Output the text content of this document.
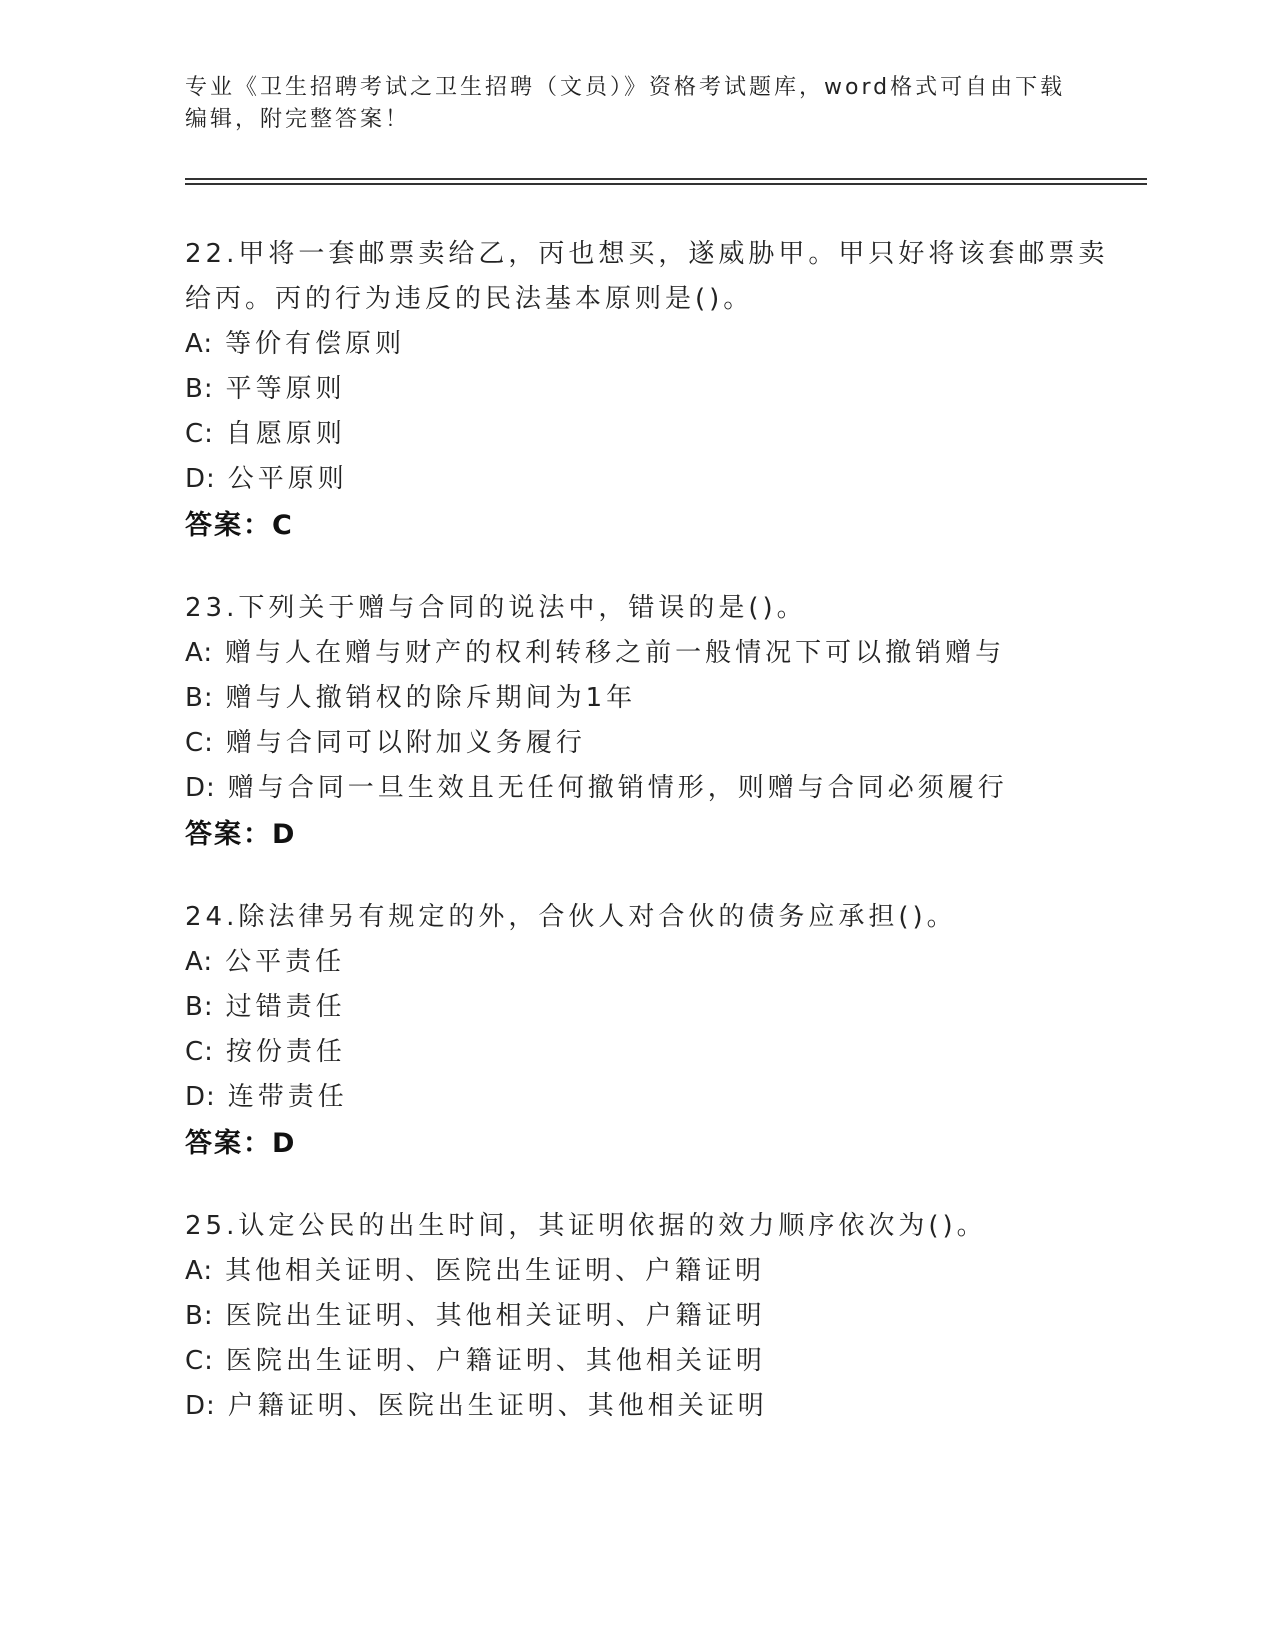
专业《卫生招聘考试之卫生招聘（文员）》资格考试题库，word格式可自由下载
编辑，附完整答案！
22.甲将一套邮票卖给乙，丙也想买，遂威胁甲。甲只好将该套邮票卖
给丙。丙的行为违反的民法基本原则是()。
A: 等价有偿原则
B: 平等原则
C: 自愿原则
D: 公平原则
答案：C
23.下列关于赠与合同的说法中，错误的是()。
A: 赠与人在赠与财产的权利转移之前一般情况下可以撤销赠与
B: 赠与人撤销权的除斥期间为1年
C: 赠与合同可以附加义务履行
D: 赠与合同一旦生效且无任何撤销情形，则赠与合同必须履行
答案：D
24.除法律另有规定的外，合伙人对合伙的债务应承担()。
A: 公平责任
B: 过错责任
C: 按份责任
D: 连带责任
答案：D
25.认定公民的出生时间，其证明依据的效力顺序依次为()。
A: 其他相关证明、医院出生证明、户籍证明
B: 医院出生证明、其他相关证明、户籍证明
C: 医院出生证明、户籍证明、其他相关证明
D: 户籍证明、医院出生证明、其他相关证明
